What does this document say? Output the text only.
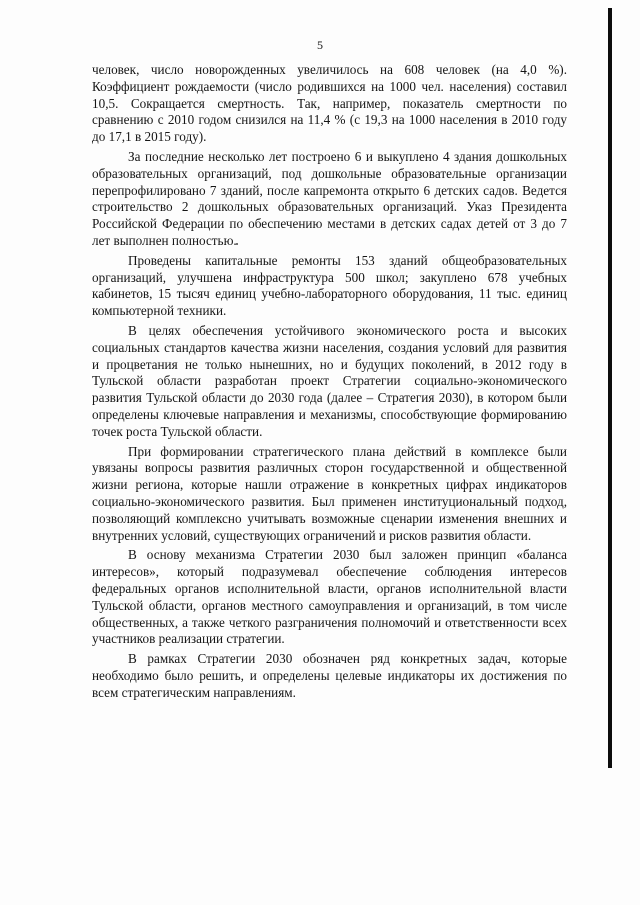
5

человек, число новорожденных увеличилось на 608 человек (на 4,0 %). Коэффициент рождаемости (число родившихся на 1000 чел. населения) составил 10,5. Сокращается смертность. Так, например, показатель смертности по сравнению с 2010 годом снизился на 11,4 % (с 19,3 на 1000 населения в 2010 году до 17,1 в 2015 году).

За последние несколько лет построено 6 и выкуплено 4 здания дошкольных образовательных организаций, под дошкольные образовательные организации перепрофилировано 7 зданий, после капремонта открыто 6 детских садов. Ведется строительство 2 дошкольных образовательных организаций. Указ Президента Российской Федерации по обеспечению местами в детских садах детей от 3 до 7 лет выполнен полностью.

Проведены капитальные ремонты 153 зданий общеобразовательных организаций, улучшена инфраструктура 500 школ; закуплено 678 учебных кабинетов, 15 тысяч единиц учебно-лабораторного оборудования, 11 тыс. единиц компьютерной техники.

В целях обеспечения устойчивого экономического роста и высоких социальных стандартов качества жизни населения, создания условий для развития и процветания не только нынешних, но и будущих поколений, в 2012 году в Тульской области разработан проект Стратегии социально-экономического развития Тульской области до 2030 года (далее – Стратегия 2030), в котором были определены ключевые направления и механизмы, способствующие формированию точек роста Тульской области.

При формировании стратегического плана действий в комплексе были увязаны вопросы развития различных сторон государственной и общественной жизни региона, которые нашли отражение в конкретных цифрах индикаторов социально-экономического развития. Был применен институциональный подход, позволяющий комплексно учитывать возможные сценарии изменения внешних и внутренних условий, существующих ограничений и рисков развития области.

В основу механизма Стратегии 2030 был заложен принцип «баланса интересов», который подразумевал обеспечение соблюдения интересов федеральных органов исполнительной власти, органов исполнительной власти Тульской области, органов местного самоуправления и организаций, в том числе общественных, а также четкого разграничения полномочий и ответственности всех участников реализации стратегии.

В рамках Стратегии 2030 обозначен ряд конкретных задач, которые необходимо было решить, и определены целевые индикаторы их достижения по всем стратегическим направлениям.
